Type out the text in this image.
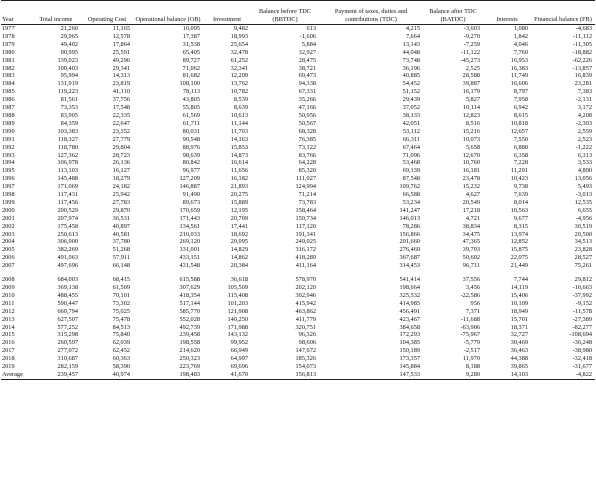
Year	Total income	Operating Cost	Operational balance (OB)	Investment	Balance before TDC (BBTDC)	Payment of taxes, duties and contributions (TDC)	Balance after TDC (BATDC)	Interests	Financial balance (FB)
1977	21,260	11,165	10,095	9,482	613	4,215	-3,603	1,080	-4,683
1978	29,965	12,578	17,387	18,993	-1,606	7,664	-9,270	1,842	-11,112
1979	49,402	17,864	31,538	25,654	5,884	13,143	-7,259	4,046	-11,305
1980	90,995	25,591	65,405	32,478	32,927	44,048	-11,122	7,760	-18,882
1981	139,023	49,296	89,727	61,252	28,475	73,748	-45,273	16,953	-62,226
1982	100,403	29,341	71,062	32,341	38,721	36,196	2,525	16,383	-13,857
1983	95,994	14,313	81,682	12,209	69,473	40,885	28,588	11,749	16,839
1984	131,919	23,819	108,100	13,762	94,338	54,452	39,887	16,606	23,281
1985	119,223	41,110	78,113	10,782	67,331	51,152	16,179	8,797	7,383
1986	81,561	37,756	43,805	8,539	35,266	29,439	5,827	7,958	-2,131
1987	73,353	17,548	55,805	8,639	47,166	37,052	10,114	6,942	3,172
1988	83,905	22,335	61,569	10,613	50,956	38,133	12,823	8,615	4,208
1989	84,359	22,647	61,711	11,144	50,567	42,051	8,516	10,818	-2,303
1990	103,383	23,352	80,031	11,703	68,328	53,112	15,216	12,657	2,559
1991	118,327	27,779	90,548	14,163	76,385	66,311	10,073	7,550	2,523
1992	118,780	29,804	88,976	15,853	73,122	67,464	5,658	6,880	-1,222
1993	127,362	28,723	98,639	14,873	83,766	71,096	12,670	6,358	6,313
1994	106,978	26,136	80,842	16,614	64,228	53,468	10,760	7,228	3,533
1995	113,103	16,127	96,977	11,656	85,320	69,139	16,181	11,291	4,890
1996	145,488	18,279	127,209	16,182	111,027	87,548	23,478	10,423	13,056
1997	171,069	24,182	146,887	21,893	124,994	109,762	15,232	9,738	5,493
1998	117,431	25,942	91,490	20,275	71,214	66,588	4,627	7,639	-3,013
1999	117,456	27,783	89,673	15,889	73,783	53,234	20,549	8,014	12,535
2000	200,529	29,870	170,659	12,195	158,464	141,247	17,218	10,563	6,655
2001	207,974	36,531	171,443	20,709	150,734	146,013	4,721	9,677	-4,956
2002	175,458	40,897	134,561	17,441	117,120	78,286	38,834	8,315	30,519
2003	250,613	40,581	210,033	18,692	191,341	156,866	34,475	13,974	20,500
2004	306,900	37,780	269,120	20,095	249,025	201,660	47,365	12,852	34,513
2005	382,269	51,268	331,001	14,829	316,172	276,469	39,703	15,875	23,828
2006	491,063	57,911	433,151	14,862	418,289	367,687	50,602	22,075	28,527
2007	497,696	66,148	431,548	20,384	411,164	314,453	96,711	21,449	75,261

2008	684,003	68,415	615,588	36,618	578,970	541,414	37,556	7,744	29,812
2009	369,138	61,509	307,629	105,509	202,120	198,664	3,456	14,119	-10,663
2010	488,455	70,101	418,354	115,408	302,946	325,532	-22,586	15,406	-37,992
2011	590,447	73,302	517,144	101,203	415,942	414,985	956	10,109	-9,152
2012	660,794	75,025	585,770	121,908	463,862	456,491	7,371	18,949	-11,578
2013	627,507	75,478	552,028	140,250	411,779	423,467	-11,688	15,701	-27,389
2014	577,252	84,513	492,739	171,988	320,751	384,658	-63,906	18,371	-82,277
2015	315,298	75,840	239,458	143,132	96,326	172,293	-75,967	32,727	-108,694
2016	260,597	62,039	198,558	99,952	98,606	104,385	-5,779	30,469	-36,248
2017	277,072	62,452	214,620	66,949	147,672	150,189	-2,517	36,463	-38,980
2018	310,687	60,363	250,323	64,997	185,326	173,357	11,970	44,388	-32,418
2019	282,159	58,390	223,769	69,696	154,073	145,884	8,188	39,865	-31,677
Average	239,457	40,974	198,483	41,670	156,813	147,533	9,280	14,103	-4,822
